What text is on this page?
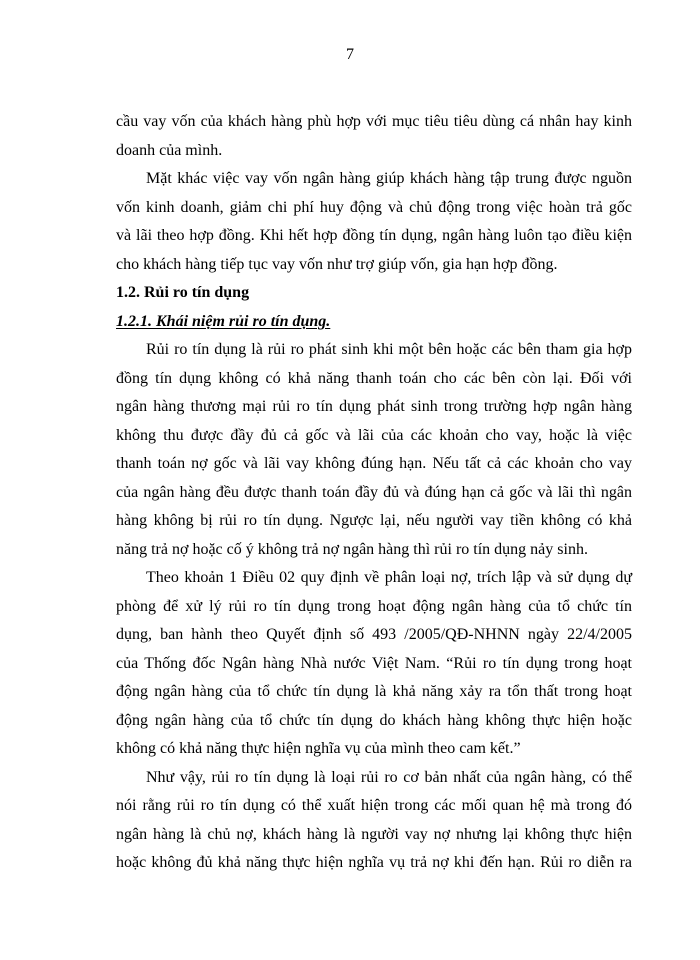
7
cầu vay vốn của khách hàng phù hợp với mục tiêu tiêu dùng cá nhân hay kinh
doanh của mình.
Mặt khác việc vay vốn ngân hàng giúp khách hàng tập trung được nguồn
vốn kinh doanh, giảm chi phí huy động và chủ động trong việc hoàn trả gốc
và lãi theo hợp đồng. Khi hết hợp đồng tín dụng, ngân hàng luôn tạo điều kiện
cho khách hàng tiếp tục vay vốn như trợ giúp vốn, gia hạn hợp đồng.
1.2. Rủi ro tín dụng
1.2.1. Khái niệm rủi ro tín dụng.
Rủi ro tín dụng là rủi ro phát sinh khi một bên hoặc các bên tham gia hợp
đồng tín dụng không có khả năng thanh toán cho các bên còn lại. Đối với
ngân hàng thương mại rủi ro tín dụng phát sinh trong trường hợp ngân hàng
không thu được đầy đủ cả gốc và lãi của các khoản cho vay, hoặc là việc
thanh toán nợ gốc và lãi vay không đúng hạn. Nếu tất cả các khoản cho vay
của ngân hàng đều được thanh toán đầy đủ và đúng hạn cả gốc và lãi thì ngân
hàng không bị rủi ro tín dụng. Ngược lại, nếu người vay tiền không có khả
năng trả nợ hoặc cố ý không trả nợ ngân hàng thì rủi ro tín dụng nảy sinh.
Theo khoản 1 Điều 02 quy định về phân loại nợ, trích lập và sử dụng dự
phòng để xử lý rủi ro tín dụng trong hoạt động ngân hàng của tổ chức tín
dụng, ban hành theo Quyết định số 493 /2005/QĐ-NHNN ngày 22/4/2005
của Thống đốc Ngân hàng Nhà nước Việt Nam. “Rủi ro tín dụng trong hoạt
động ngân hàng của tổ chức tín dụng là khả năng xảy ra tổn thất trong hoạt
động ngân hàng của tổ chức tín dụng do khách hàng không thực hiện hoặc
không có khả năng thực hiện nghĩa vụ của mình theo cam kết.”
Như vậy, rủi ro tín dụng là loại rủi ro cơ bản nhất của ngân hàng, có thể
nói rằng rủi ro tín dụng có thể xuất hiện trong các mối quan hệ mà trong đó
ngân hàng là chủ nợ, khách hàng là người vay nợ nhưng lại không thực hiện
hoặc không đủ khả năng thực hiện nghĩa vụ trả nợ khi đến hạn. Rủi ro diễn ra
